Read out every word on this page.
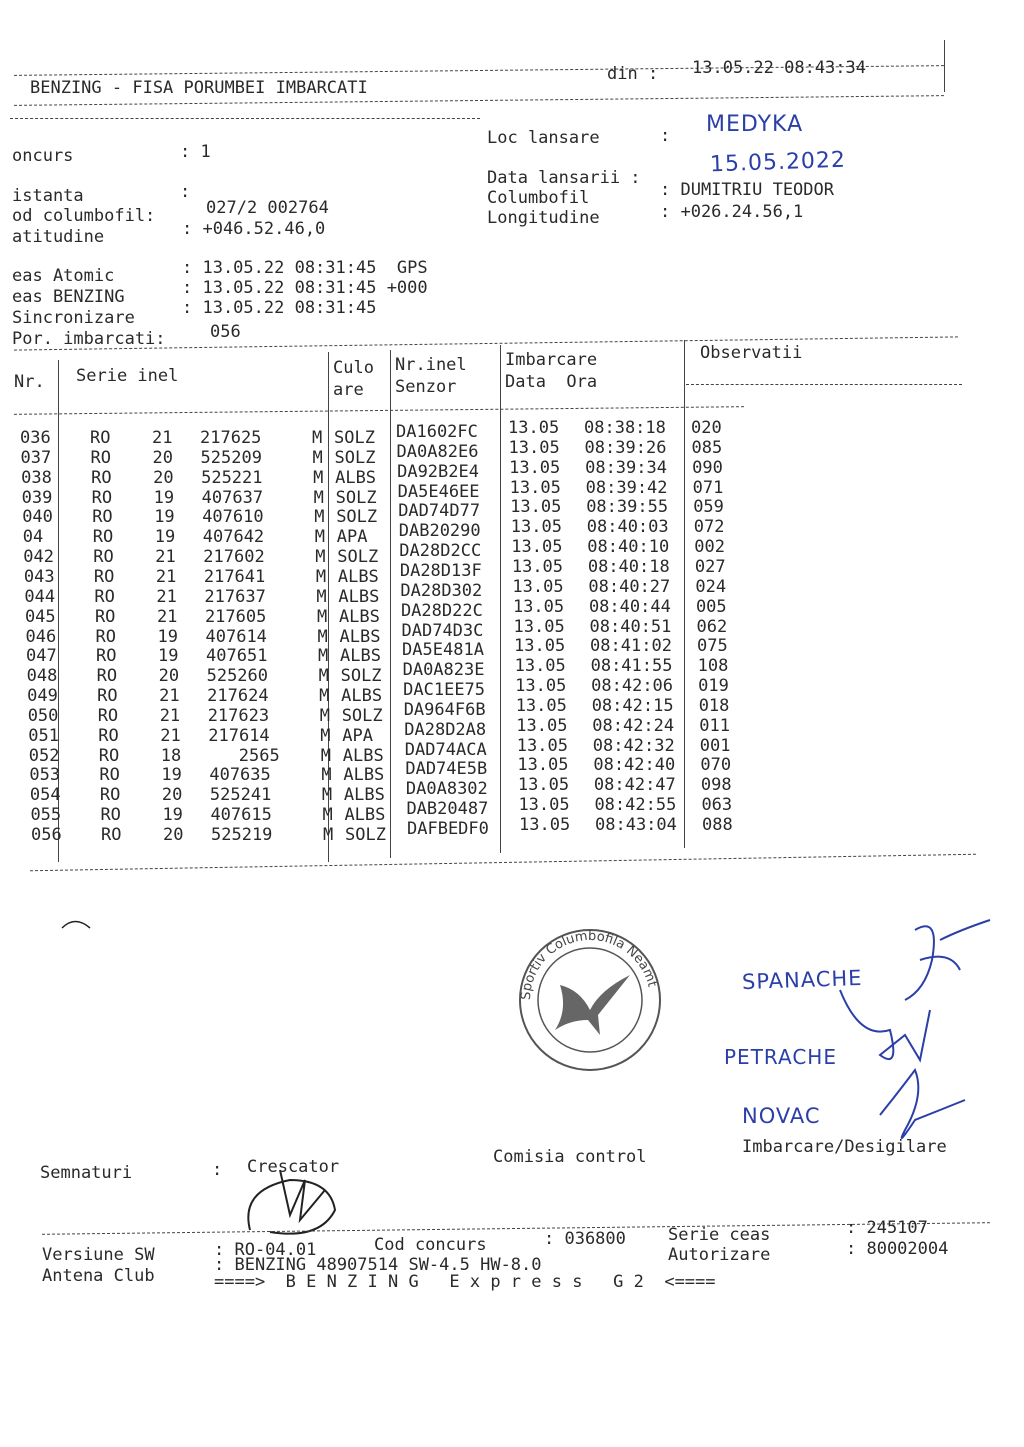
BENZING - FISA PORUMBEI IMBARCATI
din : 13.05.22 08:43:34
oncurs	: 1
Loc lansare	: MEDYKA
Data lansarii :
15.05.2022
istanta	:	Columbofil	: DUMITRIU TEODOR
od columbofil:	027/2 002764	Longitudine	: +026.24.56,1
atitudine	: +046.52.46,0
eas Atomic	: 13.05.22 08:31:45  GPS
eas BENZING	: 13.05.22 08:31:45 +000
Sincronizare	: 13.05.22 08:31:45
Por. imbarcati:	056
Nr. Serie inel	Culo
are
Nr.inel
Senzor
Imbarcare
Data  Ora
Observatii
036 RO 21 217625	M SOLZ DA1602FC 13.05 08:38:18 020
037 RO 20 525209	M SOLZ DA0A82E6 13.05 08:39:26 085
038 RO 20 525221	M ALBS DA92B2E4 13.05 08:39:34 090
039 RO 19 407637	M SOLZ DA5E46EE 13.05 08:39:42 071
040 RO 19 407610	M SOLZ DAD74D77 13.05 08:39:55 059
04	RO 19 407642	M APA DAB20290 13.05 08:40:03 072
042 RO 21 217602	M SOLZ DA28D2CC 13.05 08:40:10 002
043 RO 21 217641	M ALBS DA28D13F 13.05 08:40:18 027
044 RO 21 217637	M ALBS DA28D302 13.05 08:40:27 024
045 RO 21 217605	M ALBS DA28D22C 13.05 08:40:44 005
046 RO 19 407614	M ALBS DAD74D3C 13.05 08:40:51 062
047 RO 19 407651	M ALBS DA5E481A 13.05 08:41:02 075
048 RO 20 525260	M SOLZ DA0A823E 13.05 08:41:55 108
049 RO 21 217624	M ALBS DAC1EE75 13.05 08:42:06 019
050 RO 21 217623	M SOLZ DA964F6B 13.05 08:42:15 018
051 RO 21 217614	M APA DA28D2A8 13.05 08:42:24 011
052 RO 18	2565 M ALBS DAD74ACA 13.05 08:42:32 001
053 RO 19 407635	M ALBS DAD74E5B 13.05 08:42:40 070
054 RO 20 525241	M ALBS DA0A8302 13.05 08:42:47 098
055 RO 19 407615	M ALBS DAB20487 13.05 08:42:55 063
056 RO 20 525219	M SOLZ DAFBEDF0 13.05 08:43:04 088
Sportiv Columbofila Neamt	SPANACHE
PETRACHE
NOVAC
Semnaturi	: Crescator	Comisia control	Imbarcare/Desigilare
Versiune SW	: RO-04.01	Cod concurs	: 036800 Serie ceas	: 245107
Antena Club
: BENZING 48907514 SW-4.5 HW-8.0	Autorizare	: 80002004
====>  B E N Z I N G   E x p r e s s   G 2  <====
